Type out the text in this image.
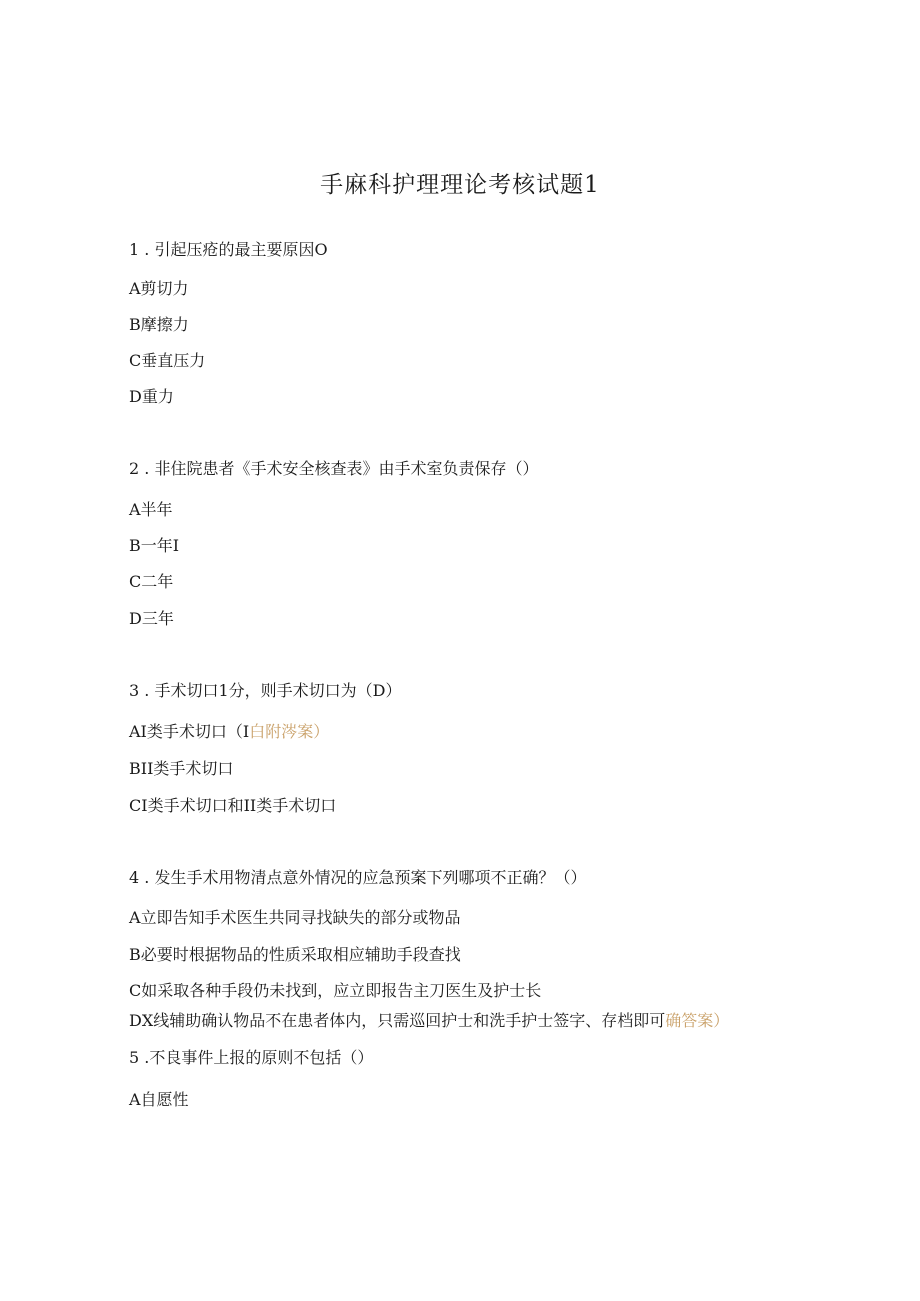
手麻科护理理论考核试题1
1 . 引起压疮的最主要原因O
A剪切力
B摩擦力
C垂直压力
D重力
2 . 非住院患者《手术安全核查表》由手术室负责保存（）
A半年
B一年I
C二年
D三年
3 . 手术切口1分，则手术切口为（D）
AI类手术切口（I白附涔案）
BII类手术切口
CI类手术切口和II类手术切口
4 . 发生手术用物清点意外情况的应急预案下列哪项不正确？（）
A立即告知手术医生共同寻找缺失的部分或物品
B必要时根据物品的性质采取相应辅助手段查找
C如采取各种手段仍未找到，应立即报告主刀医生及护士长
DX线辅助确认物品不在患者体内，只需巡回护士和洗手护士签字、存档即可确答案）
5 .不良事件上报的原则不包括（）
A自愿性
